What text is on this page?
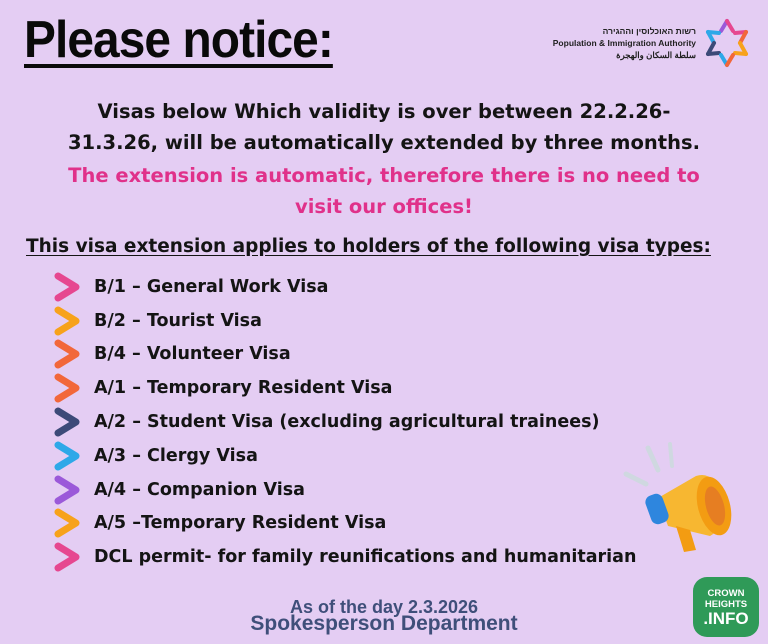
Please notice:	רשות האוכלוסין וההגירה
Population & Immigration Authority
سلطة السكان والهجرة
Visas below Which validity is over between 22.2.26-
31.3.26, will be automatically extended by three months.
The extension is automatic, therefore there is no need to
visit our offices!
This visa extension applies to holders of the following visa types:
B/1 – General Work Visa
B/2 – Tourist Visa
B/4 – Volunteer Visa
A/1 – Temporary Resident Visa
A/2 – Student Visa (excluding agricultural trainees)
A/3 – Clergy Visa
A/4 – Companion Visa
A/5 –Temporary Resident Visa
DCL permit- for family reunifications and humanitarian
As of the day 2.3.2026
Spokesperson Department
CROWN
HEIGHTS
.INFO
